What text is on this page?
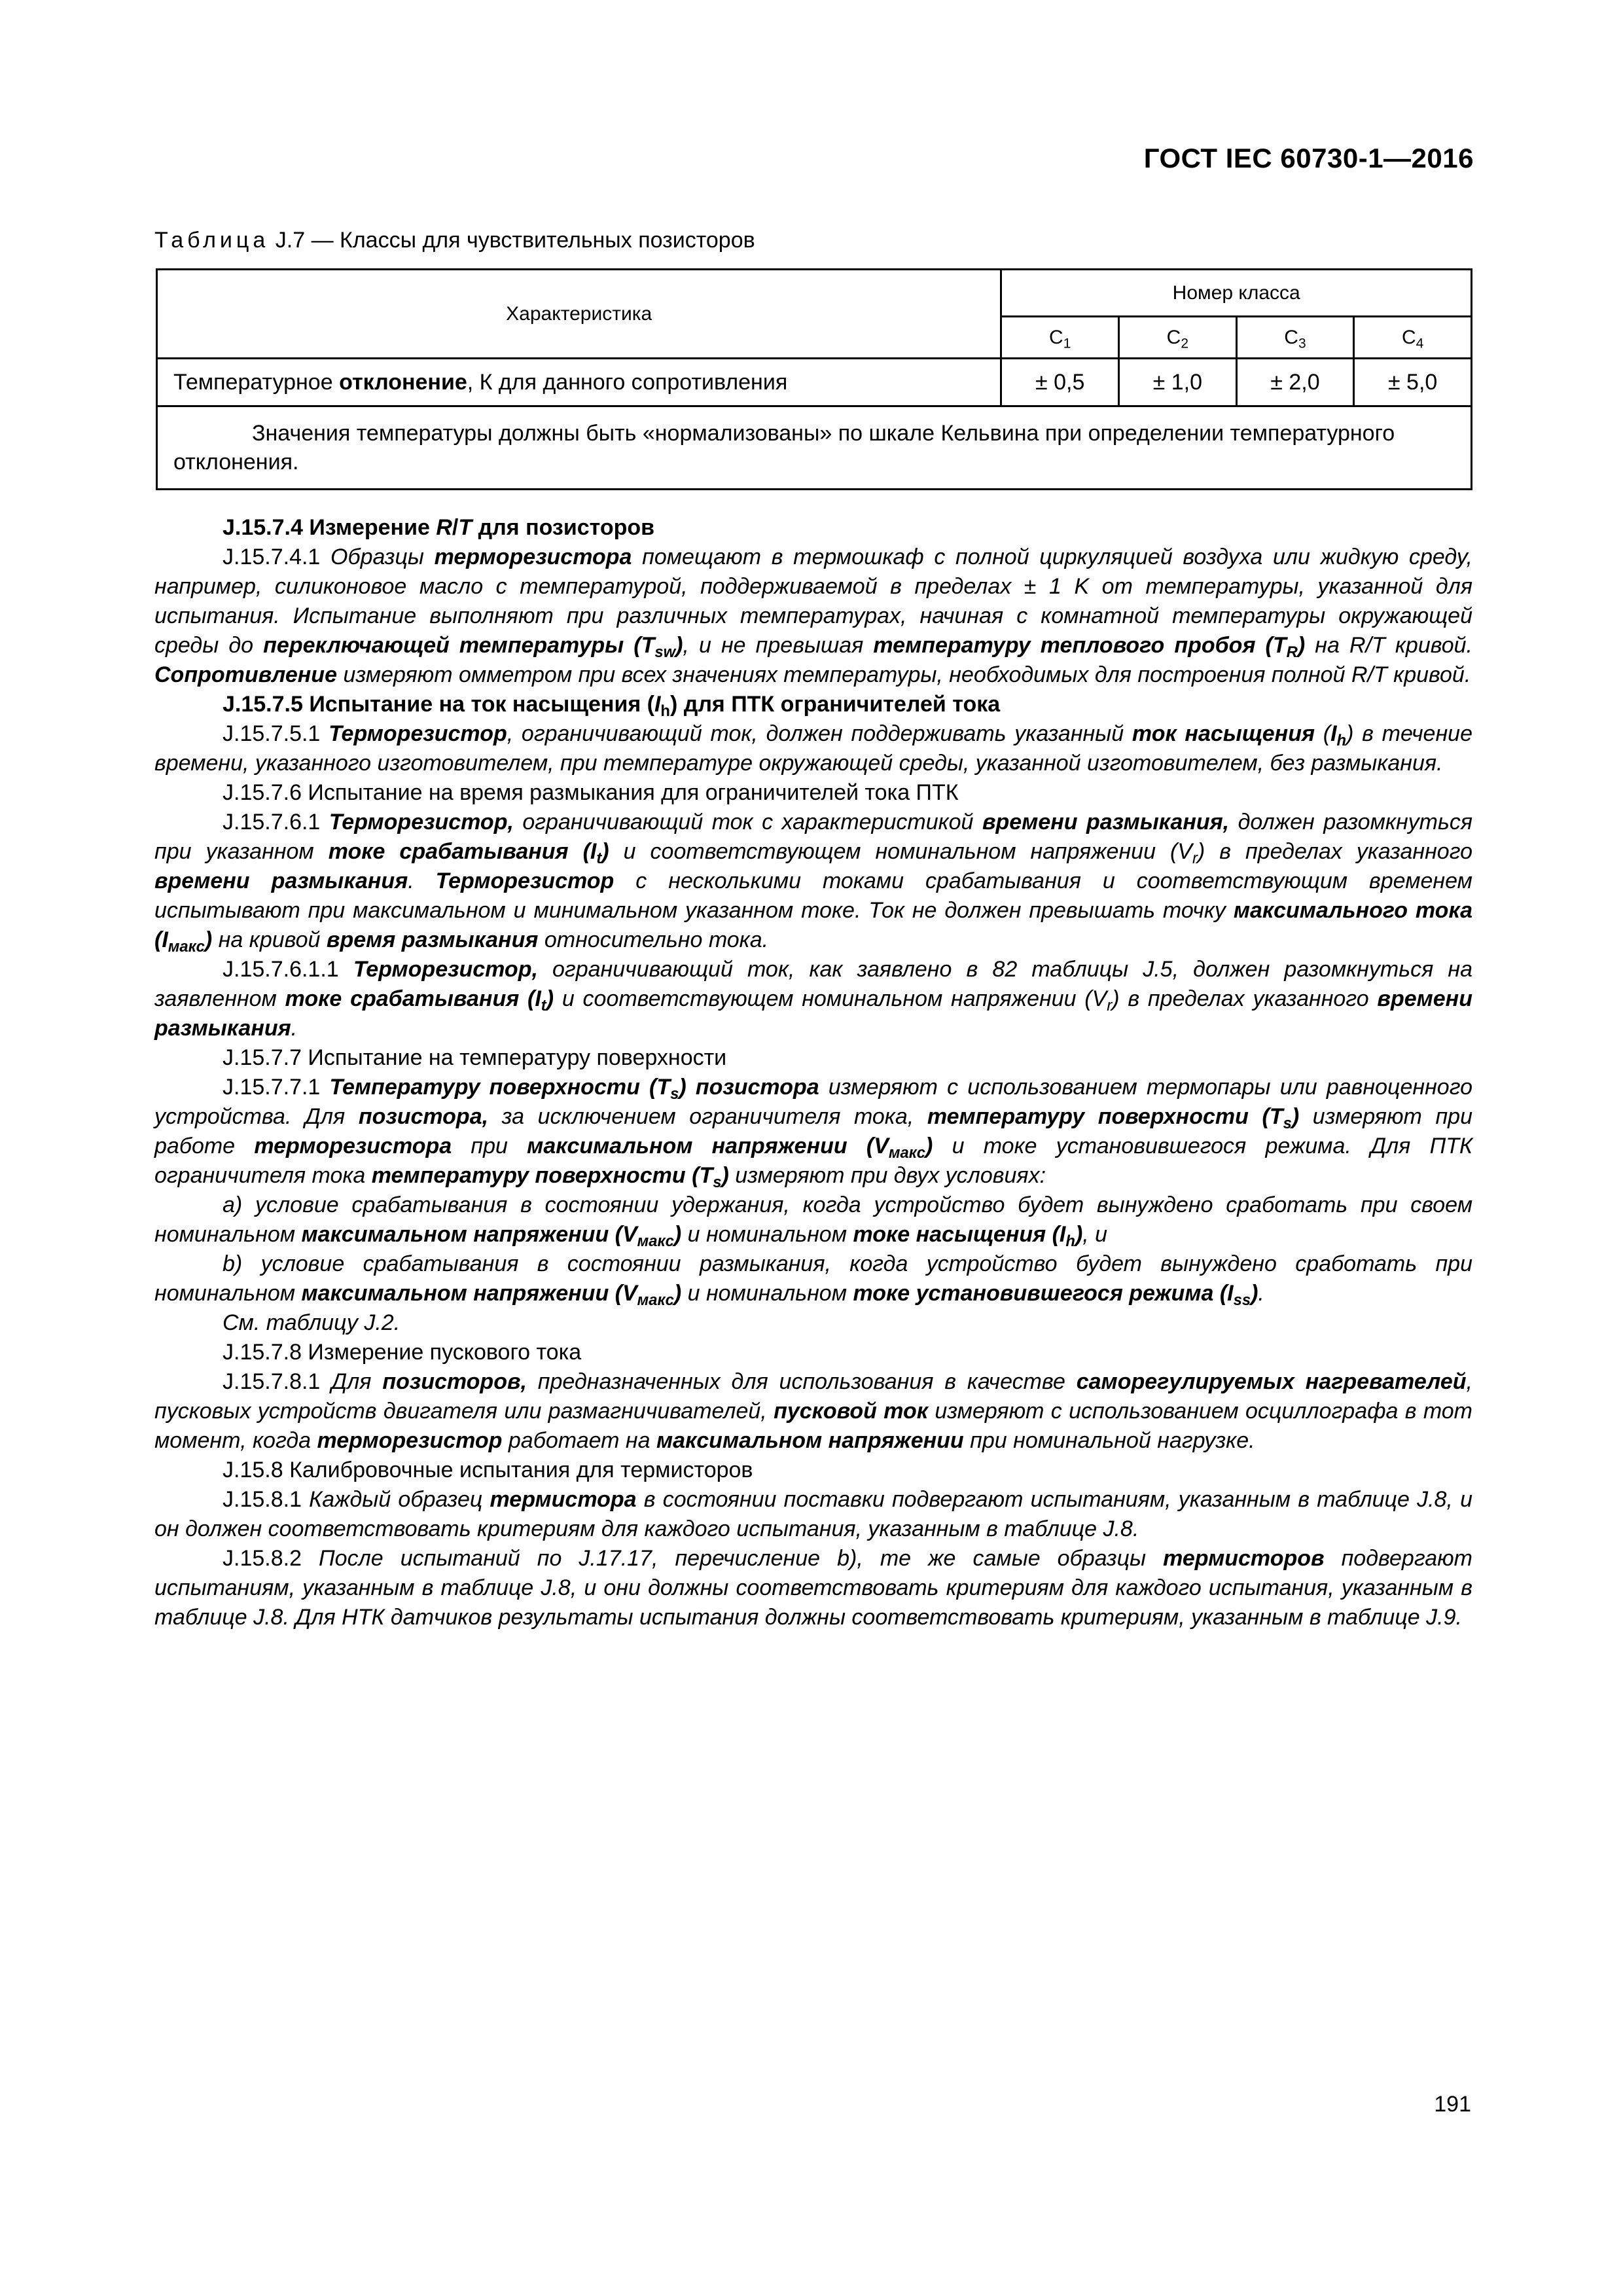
ГОСТ IEC 60730-1—2016
Таблица J.7 — Классы для чувствительных позисторов
Характеристика	Номер класса			
	$C_1$	$C_2$	$C_3$	$C_4$
Температурное отклонение, К для данного сопротивления	± 0,5	± 1,0	± 2,0	± 5,0

Значения температуры должны быть «нормализованы» по шкале Кельвина при определении температурного отклонения.				

J.15.7.4 Измерение R/T для позисторов

J.15.7.4.1 Образцы терморезистора помещают в термошкаф с полной циркуляцией воздуха или жидкую среду, например, силиконовое масло с температурой, поддерживаемой в пределах ± 1 K от температуры, указанной для испытания. Испытание выполняют при различных температурах, начиная с комнатной температуры окружающей среды до переключающей температуры $(T_{sw})$, и не превышая температуру теплового пробоя $(T_R)$ на R/T кривой. Сопротивление измеряют омметром при всех значениях температуры, необходимых для построения полной R/T кривой.

J.15.7.5 Испытание на ток насыщения $(I_h)$ для ПТК ограничителей тока

J.15.7.5.1 Терморезистор, ограничивающий ток, должен поддерживать указанный ток насыщения $(I_h)$ в течение времени, указанного изготовителем, при температуре окружающей среды, указанной изготовителем, без размыкания.

J.15.7.6 Испытание на время размыкания для ограничителей тока ПТК

J.15.7.6.1 Терморезистор, ограничивающий ток с характеристикой времени размыкания, должен разомкнуться при указанном токе срабатывания $(I_t)$ и соответствующем номинальном напряжении $(V_r)$ в пределах указанного времени размыкания. Терморезистор с несколькими токами срабатывания и соответствующим временем испытывают при максимальном и минимальном указанном токе. Ток не должен превышать точку максимального тока $(I_{макс})$ на кривой время размыкания относительно тока.

J.15.7.6.1.1 Терморезистор, ограничивающий ток, как заявлено в 82 таблицы J.5, должен разомкнуться на заявленном токе срабатывания $(I_t)$ и соответствующем номинальном напряжении $(V_r)$ в пределах указанного времени размыкания.

J.15.7.7 Испытание на температуру поверхности

J.15.7.7.1 Температуру поверхности $(T_s)$ позистора измеряют с использованием термопары или равноценного устройства. Для позистора, за исключением ограничителя тока, температуру поверхности $(T_s)$ измеряют при работе терморезистора при максимальном напряжении $(V_{макс})$ и токе установившегося режима. Для ПТК ограничителя тока температуру поверхности $(T_s)$ измеряют при двух условиях:

a) условие срабатывания в состоянии удержания, когда устройство будет вынуждено сработать при своем номинальном максимальном напряжении $(V_{макс})$ и номинальном токе насыщения $(I_h)$, и

b) условие срабатывания в состоянии размыкания, когда устройство будет вынуждено сработать при номинальном максимальном напряжении $(V_{макс})$ и номинальном токе установившегося режима $(I_{ss})$.

См. таблицу J.2.

J.15.7.8 Измерение пускового тока

J.15.7.8.1 Для позисторов, предназначенных для использования в качестве саморегулируемых нагревателей, пусковых устройств двигателя или размагничивателей, пусковой ток измеряют с использованием осциллографа в тот момент, когда терморезистор работает на максимальном напряжении при номинальной нагрузке.

J.15.8 Калибровочные испытания для термисторов

J.15.8.1 Каждый образец термистора в состоянии поставки подвергают испытаниям, указанным в таблице J.8, и он должен соответствовать критериям для каждого испытания, указанным в таблице J.8.

J.15.8.2 После испытаний по J.17.17, перечисление b), те же самые образцы термисторов подвергают испытаниям, указанным в таблице J.8, и они должны соответствовать критериям для каждого испытания, указанным в таблице J.8. Для НТК датчиков результаты испытания должны соответствовать критериям, указанным в таблице J.9.

191
